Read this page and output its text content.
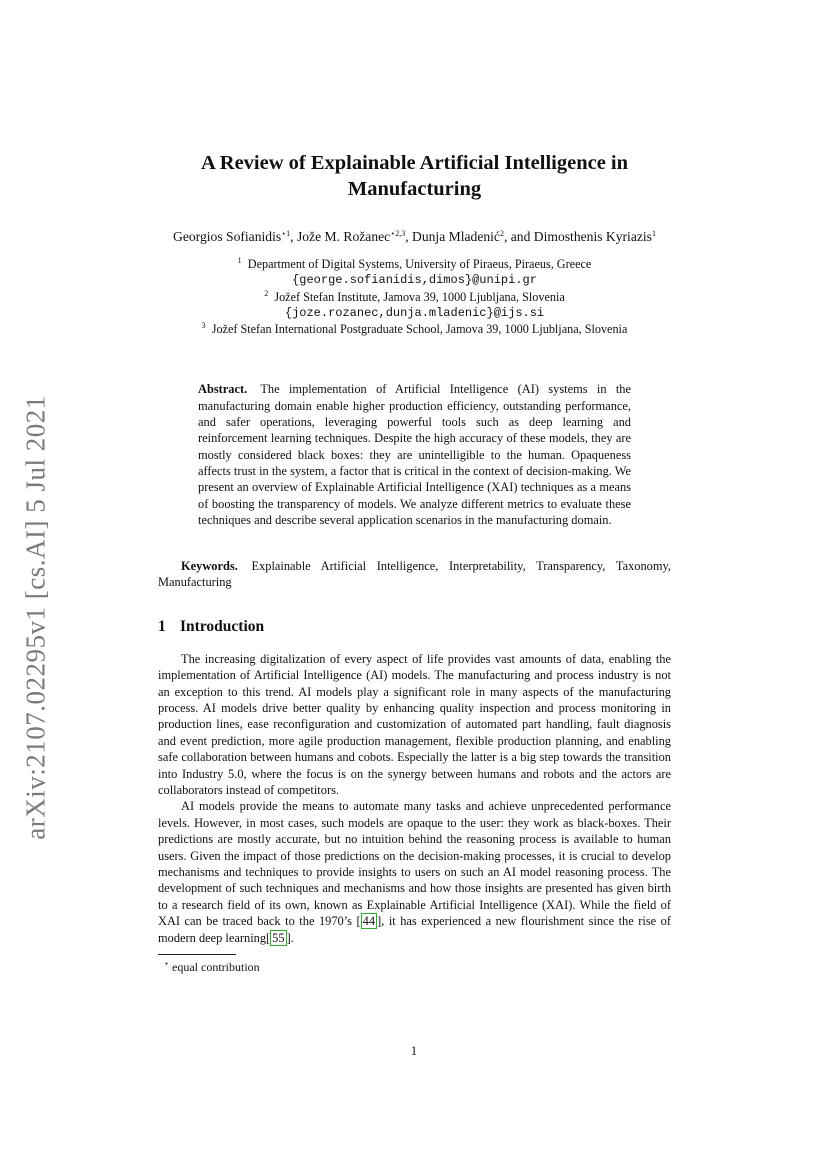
arXiv:2107.02295v1 [cs.AI] 5 Jul 2021
A Review of Explainable Artificial Intelligence in Manufacturing
Georgios Sofianidis$^{⋆1}$, Jože M. Rožanec$^{⋆2,3}$, Dunja Mladenić$^2$, and Dimosthenis Kyriazis$^1$
$^1$ Department of Digital Systems, University of Piraeus, Piraeus, Greece
{george.sofianidis,dimos}@unipi.gr
$^2$ Jožef Stefan Institute, Jamova 39, 1000 Ljubljana, Slovenia
{joze.rozanec,dunja.mladenic}@ijs.si
$^3$ Jožef Stefan International Postgraduate School, Jamova 39, 1000 Ljubljana, Slovenia
Abstract. The implementation of Artificial Intelligence (AI) systems in the manufacturing domain enable higher production efficiency, outstanding performance, and safer operations, leveraging powerful tools such as deep learning and reinforcement learning techniques. Despite the high accuracy of these models, they are mostly considered black boxes: they are unintelligible to the human. Opaqueness affects trust in the system, a factor that is critical in the context of decision-making. We present an overview of Explainable Artificial Intelligence (XAI) techniques as a means of boosting the transparency of models. We analyze different metrics to evaluate these techniques and describe several application scenarios in the manufacturing domain.
Keywords. Explainable Artificial Intelligence, Interpretability, Transparency, Taxonomy, Manufacturing
1 Introduction

The increasing digitalization of every aspect of life provides vast amounts of data, enabling the implementation of Artificial Intelligence (AI) models. The manufacturing and process industry is not an exception to this trend. AI models play a significant role in many aspects of the manufacturing process. AI models drive better quality by enhancing quality inspection and process monitoring in production lines, ease reconfiguration and customization of automated part handling, fault diagnosis and event prediction, more agile production management, flexible production planning, and enabling safe collaboration between humans and cobots. Especially the latter is a big step towards the transition into Industry 5.0, where the focus is on the synergy between humans and robots and the actors are collaborators instead of competitors.

AI models provide the means to automate many tasks and achieve unprecedented performance levels. However, in most cases, such models are opaque to the user: they work as black-boxes. Their predictions are mostly accurate, but no intuition behind the reasoning process is available to human users. Given the impact of those predictions on the decision-making processes, it is crucial to develop mechanisms and techniques to provide insights to users on such an AI model reasoning process. The development of such techniques and mechanisms and how those insights are presented has given birth to a research field of its own, known as Explainable Artificial Intelligence (XAI). While the field of XAI can be traced back to the 1970’s [ 44 ], it has experienced a new flourishment since the rise of modern deep learning[ 55 ].

⋆ equal contribution
1
